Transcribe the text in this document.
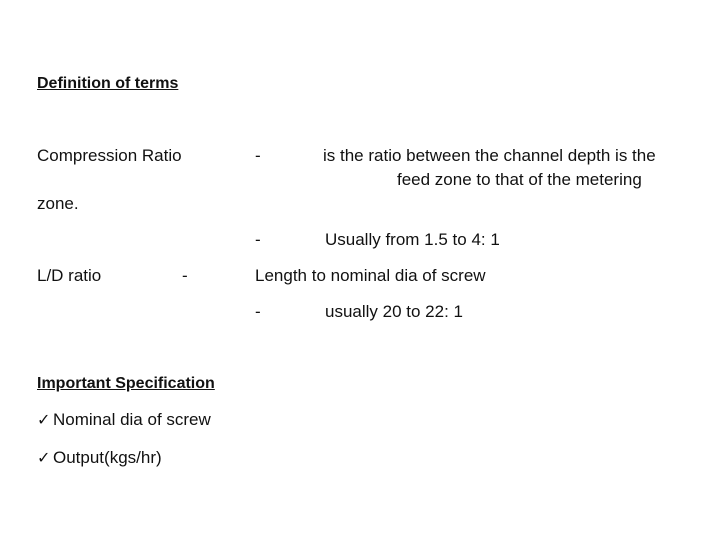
Definition of terms
Compression Ratio	-	is the ratio between the channel depth is the
feed zone to that of the metering
zone.
-	Usually from 1.5 to 4: 1
L/D ratio	-	Length to nominal dia of screw
-	usually 20 to 22: 1
Important Specification
✓ Nominal dia of screw
✓ Output(kgs/hr)
